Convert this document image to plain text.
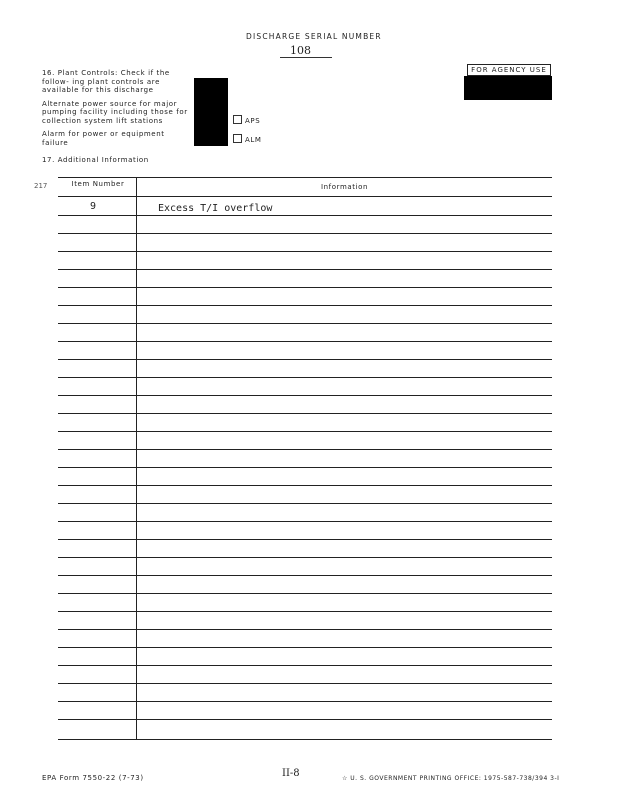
DISCHARGE SERIAL NUMBER
108
FOR AGENCY USE
16. Plant Controls: Check if the follow- ing plant controls are available for this discharge
Alternate power source for major pumping facility including those for collection system lift stations
Alarm for power or equipment failure
APS
ALM
17. Additional Information
217	Item Number	Information
9	Excess T/I overflow
EPA Form 7550-22 (7-73)	II-8	☆ U. S. GOVERNMENT PRINTING OFFICE: 1975-587-738/394 3-I
